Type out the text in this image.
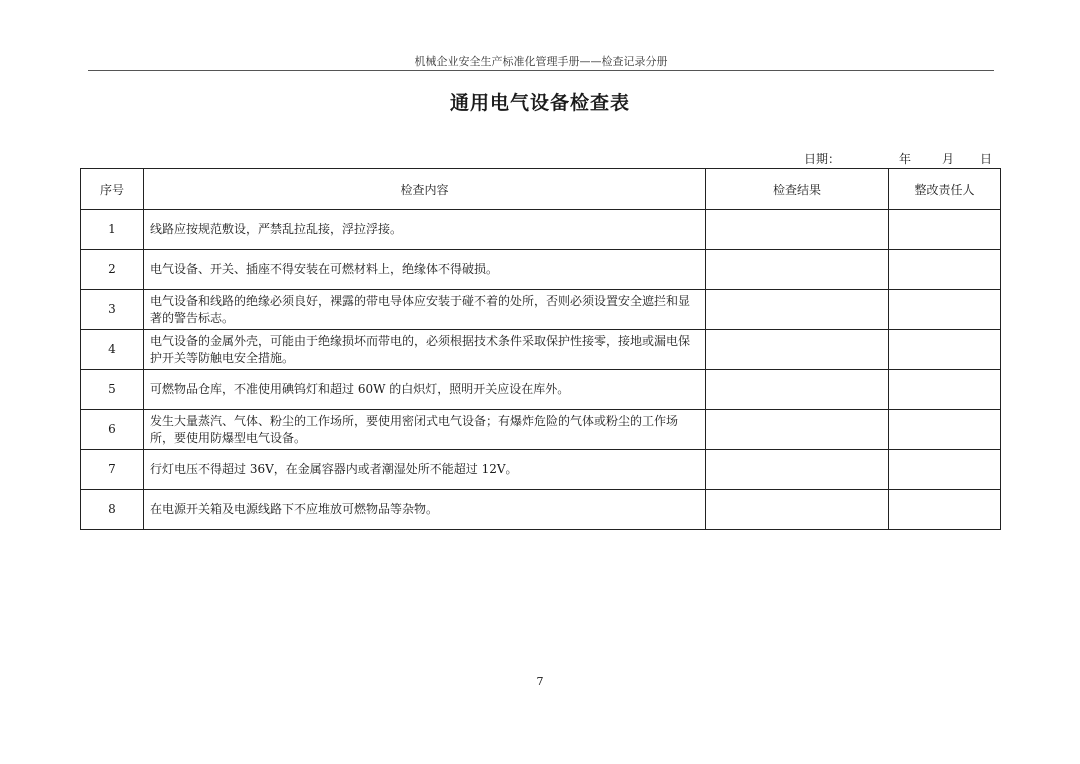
机械企业安全生产标准化管理手册——检查记录分册
通用电气设备检查表
日期：	年	月 日
序号	检查内容	检查结果	整改责任人
1	线路应按规范敷设，严禁乱拉乱接，浮拉浮接。		
2	电气设备、开关、插座不得安装在可燃材料上，绝缘体不得破损。		
3	电气设备和线路的绝缘必须良好，裸露的带电导体应安装于碰不着的处所，否则必须设置安全遮拦和显著的警告标志。		
4	电气设备的金属外壳，可能由于绝缘损坏而带电的，必须根据技术条件采取保护性接零，接地或漏电保护开关等防触电安全措施。		
5	可燃物品仓库，不准使用碘钨灯和超过 60W 的白炽灯，照明开关应设在库外。		
6	发生大量蒸汽、气体、粉尘的工作场所，要使用密闭式电气设备；有爆炸危险的气体或粉尘的工作场所，要使用防爆型电气设备。		
7	行灯电压不得超过 36V，在金属容器内或者潮湿处所不能超过 12V。		
8	在电源开关箱及电源线路下不应堆放可燃物品等杂物。		
7
